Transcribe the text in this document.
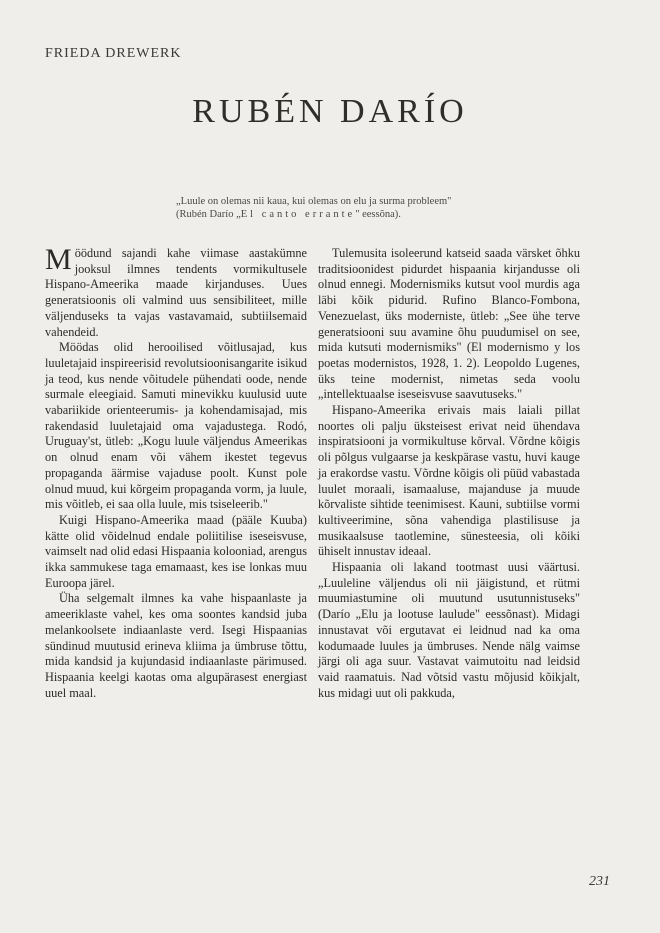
FRIEDA DREWERK
RUBÉN DARÍO
„Luule on olemas nii kaua, kui olemas on elu ja surma probleem"
(Rubén Darío „El canto errante" eessõna).

Möödund sajandi kahe viimase aastakümne jooksul ilmnes tendents vormikultusele Hispano-Ameerika maade kirjanduses. Uues generatsioonis oli valmind uus sensibiliteet, mille väljenduseks ta vajas vastavamaid, subtiilsemaid vahendeid.

Möödas olid herooilised võitlusajad, kus luuletajaid inspireerisid revolutsioonisangarite isikud ja teod, kus nende võitudele pühendati oode, nende surmale eleegiaid. Samuti minevikku kuulusid uute vabariikide orienteerumis- ja kohendamisajad, mis rakendasid luuletajaid oma vajadustega. Rodó, Uruguay'st, ütleb: „Kogu luule väljendus Ameerikas on olnud enam või vähem ikestet tegevus propaganda äärmise vajaduse poolt. Kunst pole olnud muud, kui kõrgeim propaganda vorm, ja luule, mis võitleb, ei saa olla luule, mis tsiseleerib."

Kuigi Hispano-Ameerika maad (pääle Kuuba) kätte olid võidelnud endale poliitilise iseseisvuse, vaimselt nad olid edasi Hispaania kolooniad, arengus ikka sammukese taga emamaast, kes ise lonkas muu Euroopa järel.

Üha selgemalt ilmnes ka vahe hispaanlaste ja ameeriklaste vahel, kes oma soontes kandsid juba melankoolsete indiaanlaste verd. Isegi Hispaanias sündinud muutusid erineva kliima ja ümbruse tõttu, mida kandsid ja kujundasid indiaanlaste pärimused. Hispaania keelgi kaotas oma algupärasest energiast uuel maal.

Tulemusita isoleerund katseid saada värsket õhku traditsioonidest pidurdet hispaania kirjandusse oli olnud ennegi. Modernismiks kutsut vool murdis aga läbi kõik pidurid. Rufino Blanco-Fombona, Venezuelast, üks modernistе, ütleb: „See ühe terve generatsiooni suu avamine õhu puudumisel on see, mida kutsuti modernismiks" (El modernismo y los poetas modernistos, 1928, 1. 2). Leopoldo Lugenes, üks teine modernist, nimetas seda voolu „intellektuaalse iseseisvuse saavutuseks."

Hispano-Ameerika erivais mais laiali pillat noortes oli palju üksteisest erivat neid ühendava inspiratsiooni ja vormikultuse kõrval. Võrdne kõigis oli põlgus vulgaarse ja keskpärase vastu, huvi kauge ja erakordse vastu. Võrdne kõigis oli püüd vabastada luulet moraali, isamaaluse, majanduse ja muude kõrvaliste sihtide teenimisest. Kauni, subtiilse vormi kultiveerimine, sõna vahendiga plastilisuse ja musikaalsuse taotlemine, sünesteesia, oli kõiki ühiselt innustav ideaal.

Hispaania oli lakand tootmast uusi väärtusi. „Luuleline väljendus oli nii jäigistund, et rütmi muumiastumine oli muutund usutunnistuseks" (Darío „Elu ja lootuse laulude" eessõnast). Midagi innustavat või ergutavat ei leidnud nad ka oma kodumaade luules ja ümbruses. Nende nälg vaimse järgi oli aga suur. Vastavat vaimutoitu nad leidsid vaid raamatuis. Nad võtsid vastu mõjusid kõikjalt, kus midagi uut oli pakkuda,

231
